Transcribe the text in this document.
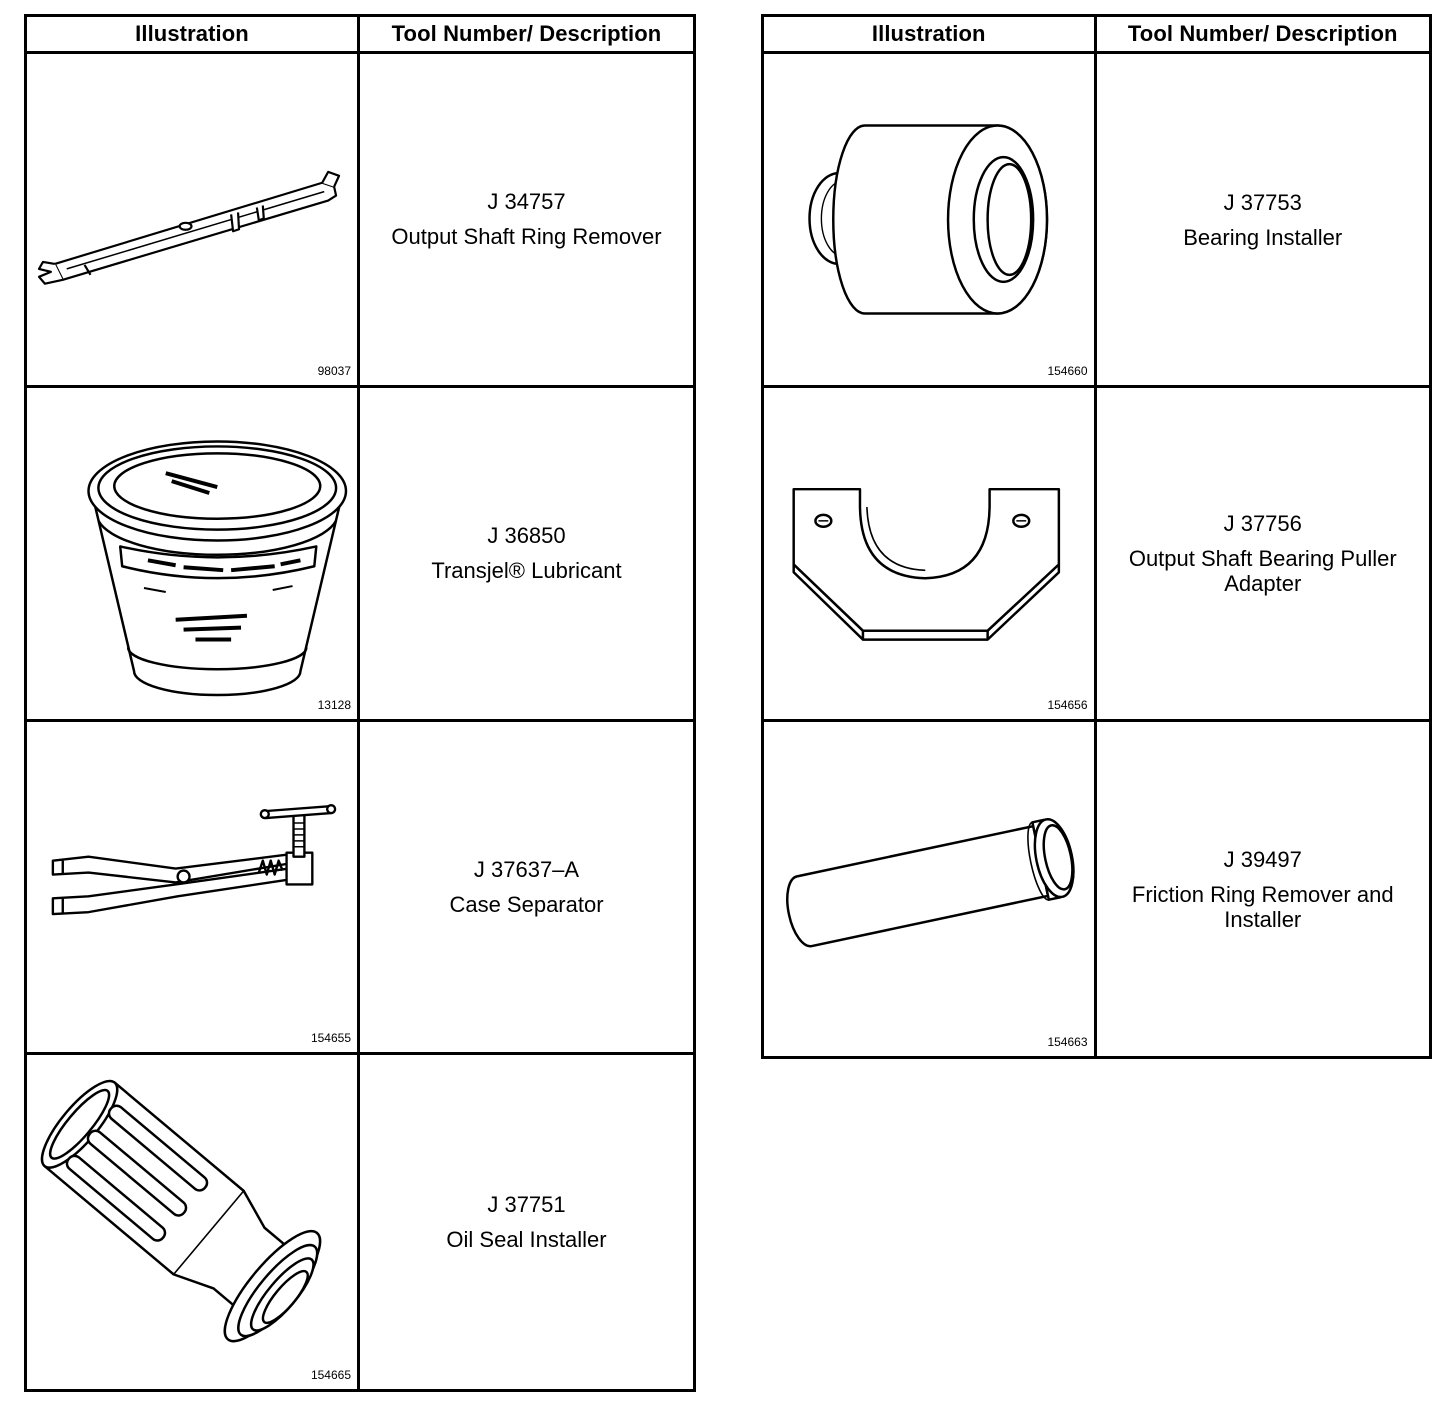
Illustration	Tool Number/ Description
98037
J 34757
Output Shaft Ring Remover
13128
J 36850
Transjel® Lubricant
154655
J 37637–A
Case Separator
154665
J 37751
Oil Seal Installer
Illustration	Tool Number/ Description
154660
J 37753
Bearing Installer
154656
J 37756
Output Shaft Bearing Puller Adapter
154663
J 39497
Friction Ring Remover and Installer
